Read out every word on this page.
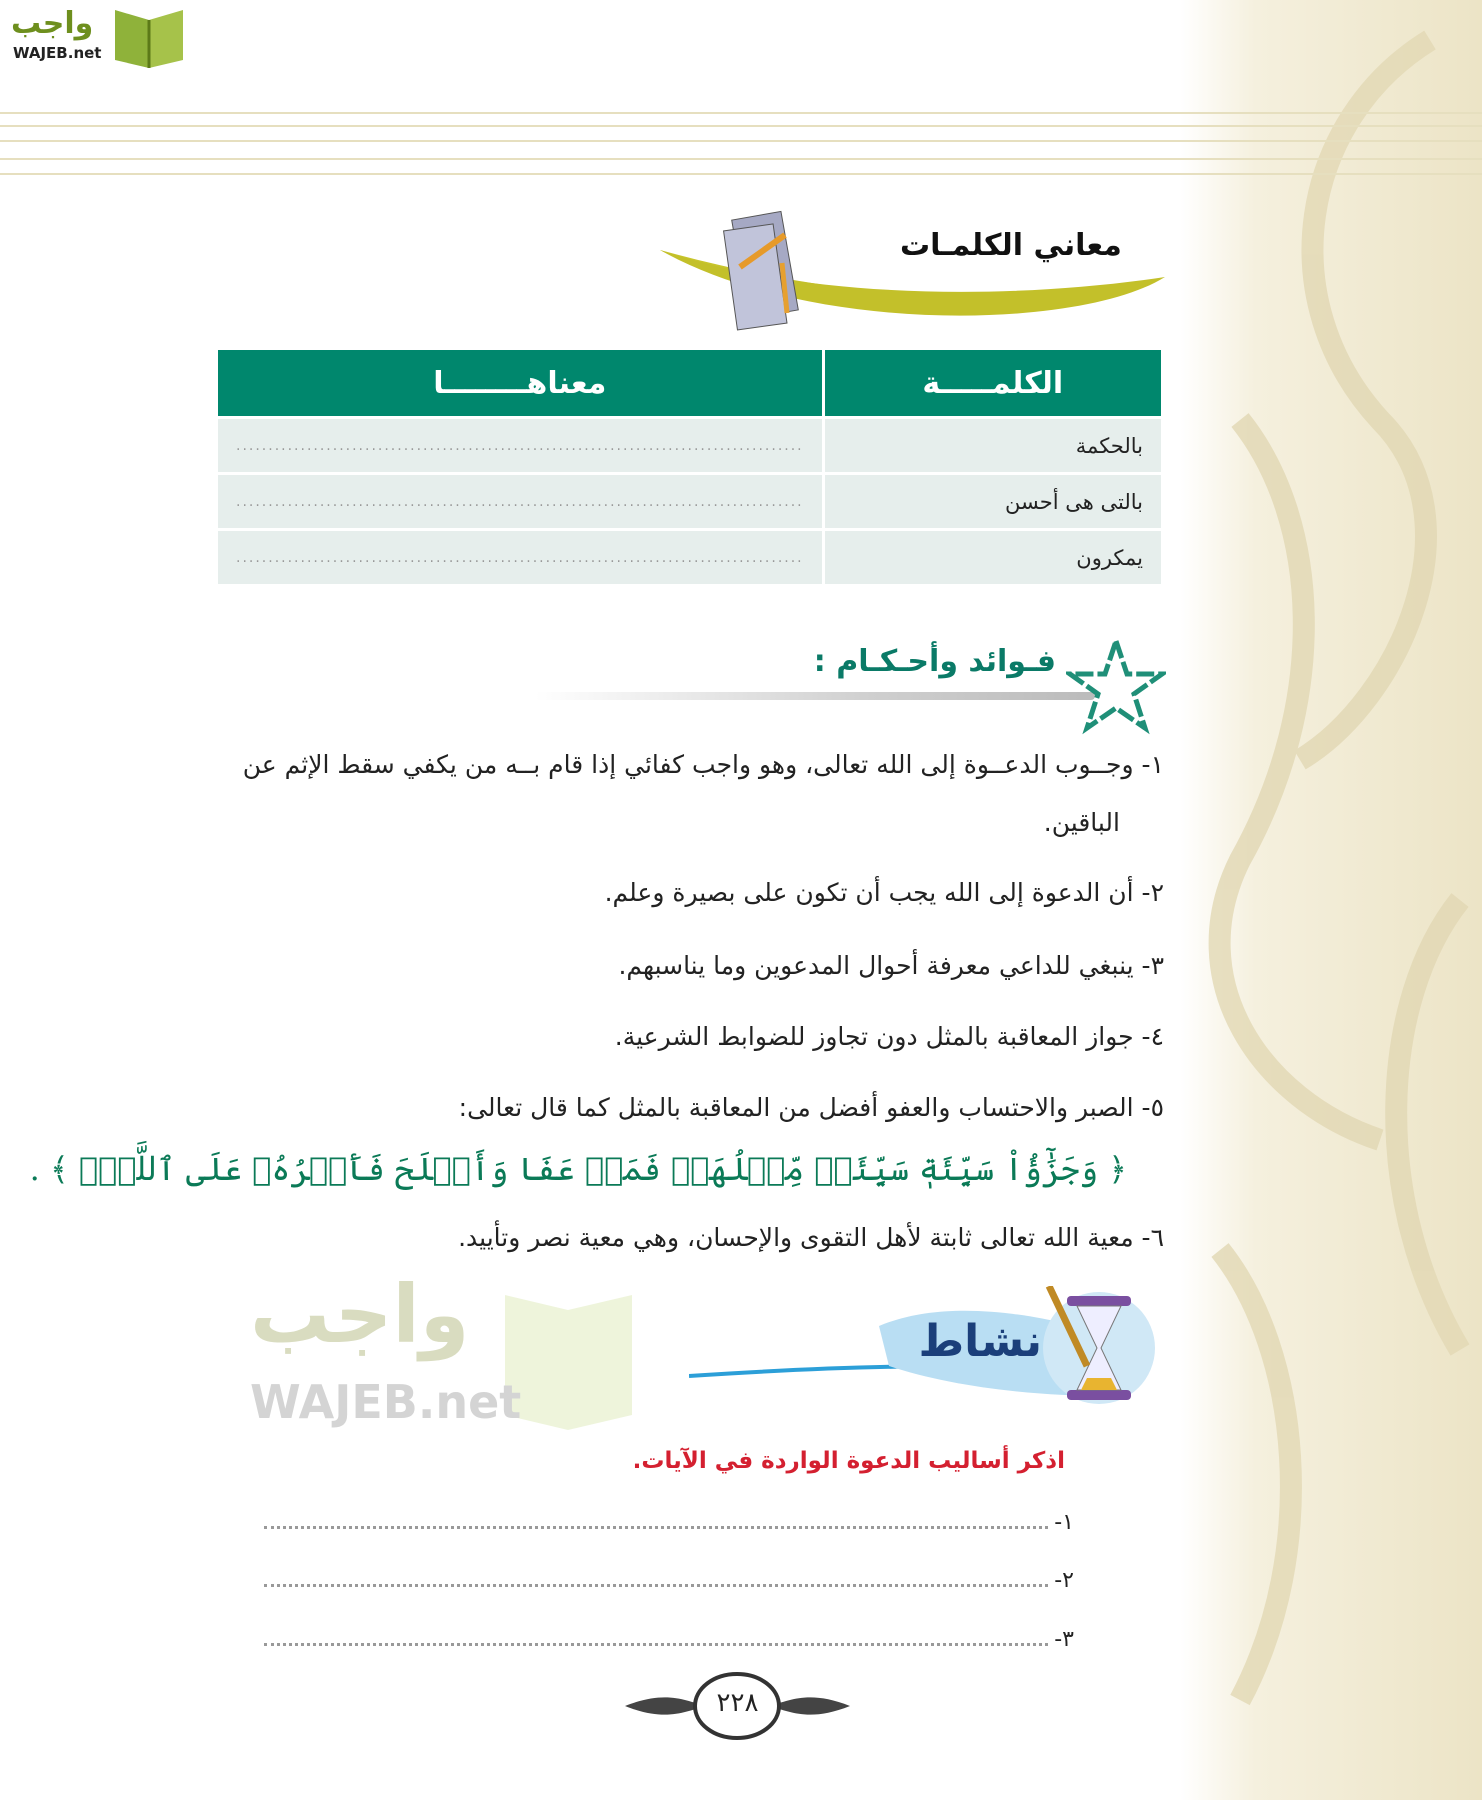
واجب
WAJEB.net
معاني الكلمـات
الكلمـــــة	معناهــــــــا
بالحكمة	........................................................................................
بالتى هى أحسن	........................................................................................
يمكرون	........................................................................................
فـوائد وأحـكـام :
واجب
WAJEB.net
١- وجــوب الدعــوة إلى الله تعالى، وهو واجب كفائي إذا قام بــه من يكفي سقط الإثم عن
الباقين.
٢- أن الدعوة إلى الله يجب أن تكون على بصيرة وعلم.
٣- ينبغي للداعي معرفة أحوال المدعوين وما يناسبهم.
٤- جواز المعاقبة بالمثل دون تجاوز للضوابط الشرعية.
٥- الصبر والاحتساب والعفو أفضل من المعاقبة بالمثل كما قال تعالى:
﴿ وَجَزَٰٓؤُاْ سَيِّئَةٖ سَيِّئَةٞ مِّثۡلُهَاۖ فَمَنۡ عَفَا وَأَصۡلَحَ فَأَجۡرُهُۥ عَلَى ٱللَّهِۚ ﴾ .
٦- معية الله تعالى ثابتة لأهل التقوى والإحسان، وهي معية نصر وتأييد.
نشاط
اذكر أساليب الدعوة الواردة في الآيات.
١-
٢-
٣-
٢٢٨
